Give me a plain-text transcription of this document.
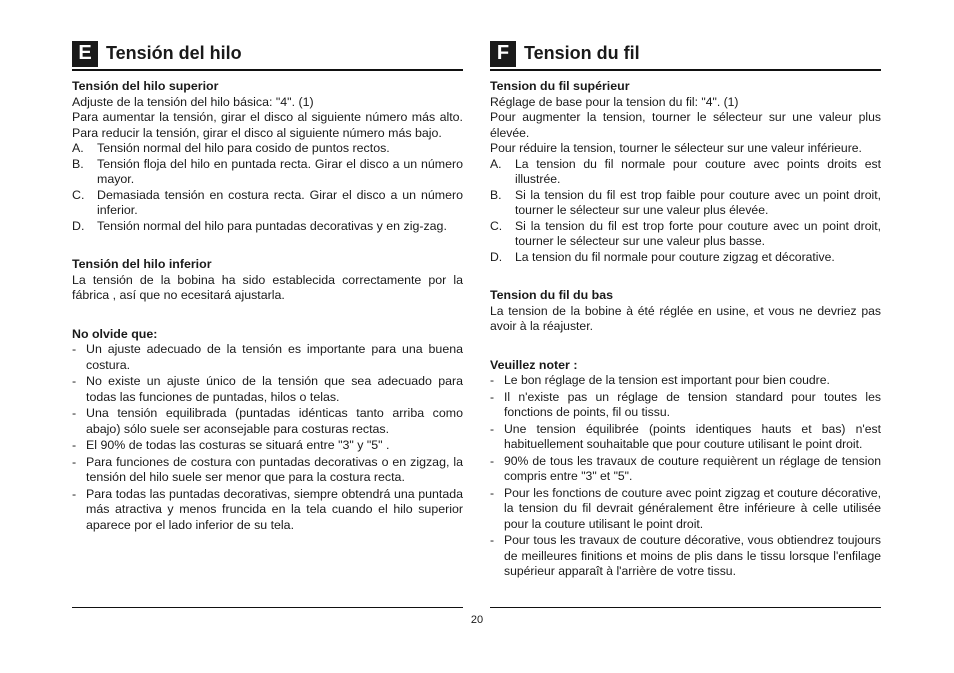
E Tensión del hilo
Tensión del hilo superior

Adjuste de la tensión del hilo básica: "4". (1)

Para aumentar la tensión, girar el disco al siguiente número más alto. Para reducir la tensión, girar el disco al siguiente número más bajo.

A. Tensión normal del hilo para cosido de puntos rectos.
B. Tensión floja del hilo en puntada recta. Girar el disco a un número mayor.
C. Demasiada tensión en costura recta. Girar el disco a un número inferior.
D. Tensión normal del hilo para puntadas decorativas y en zig-zag.
Tensión del hilo inferior

La tensión de la bobina ha sido establecida correctamente por la fábrica , así que no ecesitará ajustarla.

No olvide que:
- Un ajuste adecuado de la tensión es importante para una buena costura.
- No existe un ajuste único de la tensión que sea adecuado para todas las funciones de puntadas, hilos o telas.
- Una tensión equilibrada (puntadas idénticas tanto arriba como abajo) sólo suele ser aconsejable para costuras rectas.
- El 90% de todas las costuras se situará entre "3" y "5" .
- Para funciones de costura con puntadas decorativas o en zigzag, la tensión del hilo suele ser menor que para la costura recta.
- Para todas las puntadas decorativas, siempre obtendrá una puntada más atractiva y menos fruncida en la tela cuando el hilo superior aparece por el lado inferior de su tela.
F Tension du fil
Tension du fil supérieur

Réglage de base pour la tension du fil: "4". (1)

Pour augmenter la tension, tourner le sélecteur sur une valeur plus élevée.

Pour réduire la tension, tourner le sélecteur sur une valeur inférieure.

A. La tension du fil normale pour couture avec points droits est illustrée.
B. Si la tension du fil est trop faible pour couture avec un point droit, tourner le sélecteur sur une valeur plus élevée.
C. Si la tension du fil est trop forte pour couture avec un point droit, tourner le sélecteur sur une valeur plus basse.
D. La tension du fil normale pour couture zigzag et décorative.
Tension du fil du bas

La tension de la bobine à été réglée en usine, et vous ne devriez pas avoir à la réajuster.

Veuillez noter :
- Le bon réglage de la tension est important pour bien coudre.
- Il n'existe pas un réglage de tension standard pour toutes les fonctions de points, fil ou tissu.
- Une tension équilibrée (points identiques hauts et bas) n'est habituellement souhaitable que pour couture utilisant le point droit.
- 90% de tous les travaux de couture requièrent un réglage de tension compris entre "3" et "5".
- Pour les fonctions de couture avec point zigzag et couture décorative, la tension du fil devrait généralement être inférieure à celle utilisée pour la couture utilisant le point droit.
- Pour tous les travaux de couture décorative, vous obtiendrez toujours de meilleures finitions et moins de plis dans le tissu lorsque l'enfilage supérieur apparaît à l'arrière de votre tissu.
20
